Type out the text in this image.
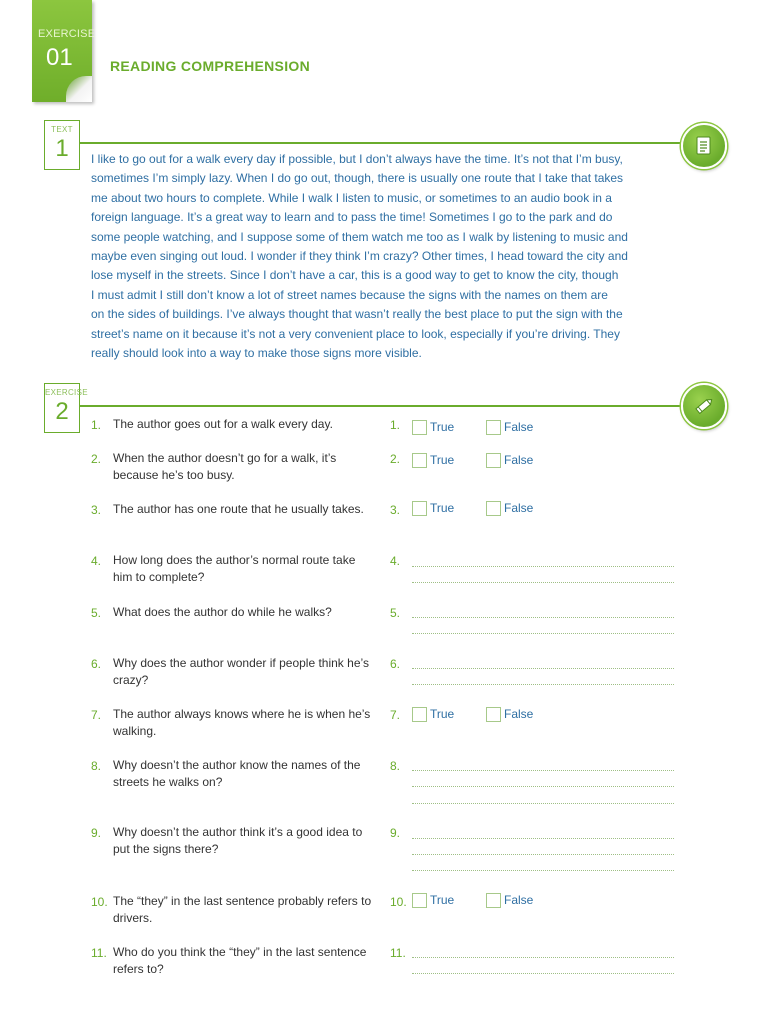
EXERCISE
01	READING COMPREHENSION
TEXT
1	I like to go out for a walk every day if possible, but I don’t always have the time. It’s not that I’m busy,
sometimes I’m simply lazy. When I do go out, though, there is usually one route that I take that takes
me about two hours to complete. While I walk I listen to music, or sometimes to an audio book in a
foreign language. It’s a great way to learn and to pass the time! Sometimes I go to the park and do
some people watching, and I suppose some of them watch me too as I walk by listening to music and
maybe even singing out loud. I wonder if they think I’m crazy? Other times, I head toward the city and
lose myself in the streets. Since I don’t have a car, this is a good way to get to know the city, though
I must admit I still don’t know a lot of street names because the signs with the names on them are
on the sides of buildings. I’ve always thought that wasn’t really the best place to put the sign with the
street’s name on it because it’s not a very convenient place to look, especially if you’re driving. They
really should look into a way to make those signs more visible.
EXERCISE
2	1. The author goes out for a walk every day.	1. True	False
2. When the author doesn’t go for a walk, it’s because he’s too busy.
2. True	False
3. The author has one route that he usually takes.	3. True	False
4. How long does the author’s normal route take him to complete?
4.
5. What does the author do while he walks?	5.
6. Why does the author wonder if people think he’s crazy?
6.
7. The author always knows where he is when he’s walking.
7. True	False
8. Why doesn’t the author know the names of the streets he walks on?
8.
9. Why doesn’t the author think it’s a good idea to put the signs there?
9.
10. The “they” in the last sentence probably refers to drivers.
10. True	False
11. Who do you think the “they” in the last sentence refers to?
11.
